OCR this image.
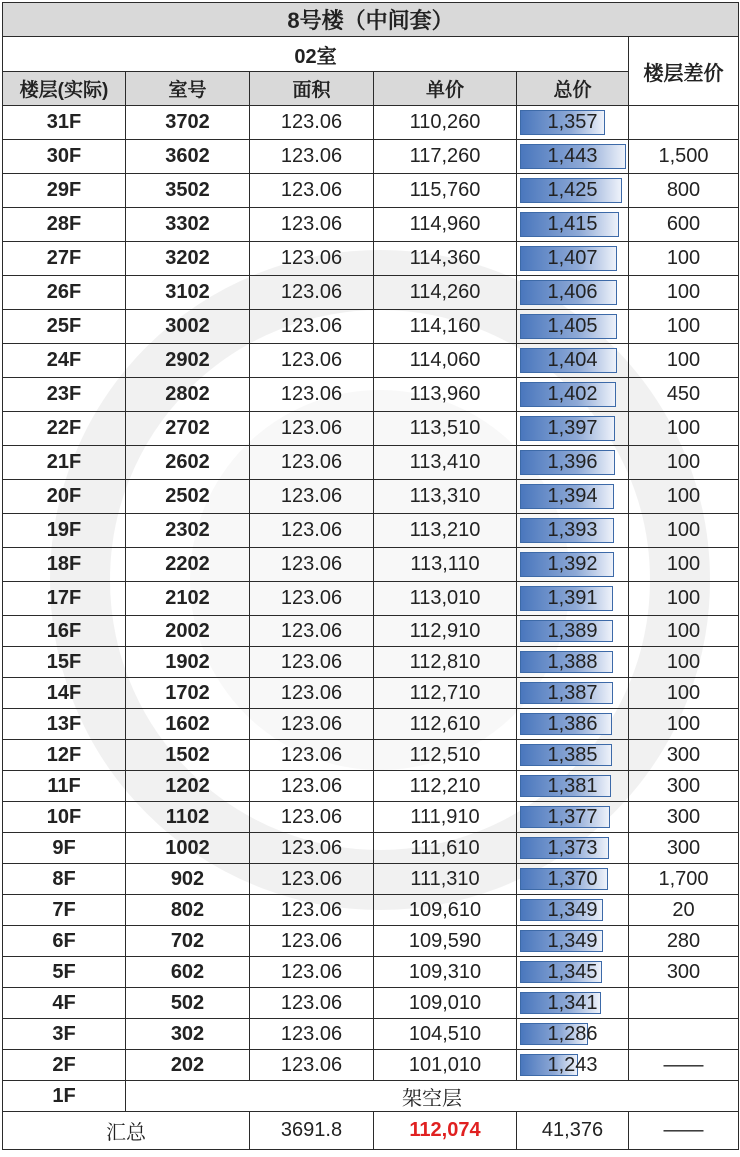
8号楼（中间套）					
02室					楼层差价
楼层(实际)	室号	面积	单价	总价	
31F	3702	123.06	110,260	1,357	-7,000
30F	3602	123.06	117,260	1,443	1,500
29F	3502	123.06	115,760	1,425	800
28F	3302	123.06	114,960	1,415	600
27F	3202	123.06	114,360	1,407	100
26F	3102	123.06	114,260	1,406	100
25F	3002	123.06	114,160	1,405	100
24F	2902	123.06	114,060	1,404	100
23F	2802	123.06	113,960	1,402	450
22F	2702	123.06	113,510	1,397	100
21F	2602	123.06	113,410	1,396	100
20F	2502	123.06	113,310	1,394	100
19F	2302	123.06	113,210	1,393	100
18F	2202	123.06	113,110	1,392	100
17F	2102	123.06	113,010	1,391	100
16F	2002	123.06	112,910	1,389	100
15F	1902	123.06	112,810	1,388	100
14F	1702	123.06	112,710	1,387	100
13F	1602	123.06	112,610	1,386	100
12F	1502	123.06	112,510	1,385	300
11F	1202	123.06	112,210	1,381	300
10F	1102	123.06	111,910	1,377	300
9F	1002	123.06	111,610	1,373	300
8F	902	123.06	111,310	1,370	1,700
7F	802	123.06	109,610	1,349	20
6F	702	123.06	109,590	1,349	280
5F	602	123.06	109,310	1,345	300
4F	502	123.06	109,010	1,341	4,500
3F	302	123.06	104,510	1,286	3,500
2F	202	123.06	101,010	1,243	——
1F	架空层				
汇总		3691.8	112,074	41,376	——
